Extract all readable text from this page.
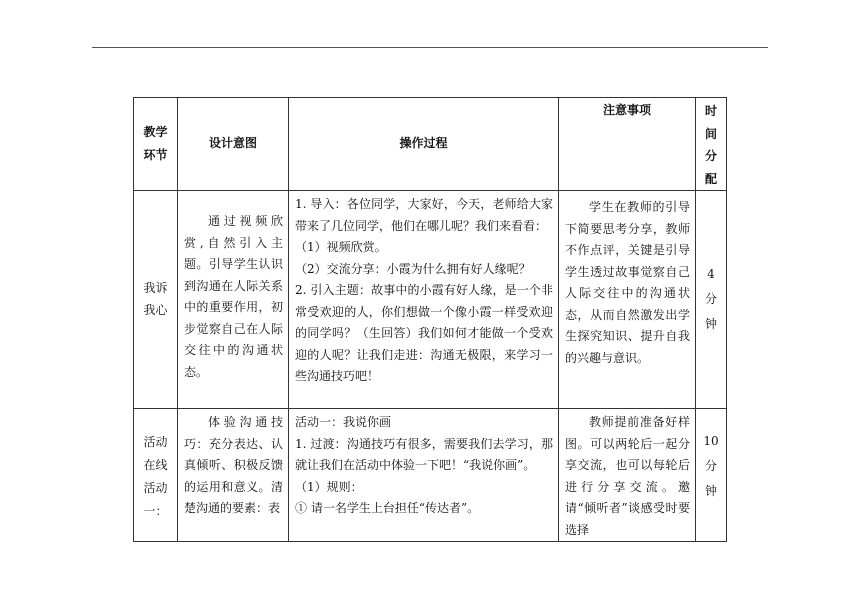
教学环节	设计意图	操作过程	注意事项	时间分配
我诉我心	通过视频欣赏,自然引入主题。引导学生认识到沟通在人际关系中的重要作用，初步觉察自己在人际交往中的沟通状态。	1. 导入：各位同学，大家好，今天，老师给大家带来了几位同学，他们在哪儿呢？我们来看看：

（1）视频欣赏。

（2）交流分享：小霞为什么拥有好人缘呢？

2. 引入主题：故事中的小霞有好人缘，是一个非常受欢迎的人，你们想做一个像小霞一样受欢迎的同学吗？（生回答）我们如何才能做一个受欢迎的人呢？让我们走进：沟通无极限，来学习一些沟通技巧吧！	学生在教师的引导下简要思考分享，教师不作点评，关键是引导学生透过故事觉察自己人际交往中的沟通状态，从而自然激发出学生探究知识、提升自我的兴趣与意识。	4分钟
活动在线活动一：	体验沟通技巧：充分表达、认真倾听、积极反馈的运用和意义。清楚沟通的要素：表	活动一：我说你画

1. 过渡：沟通技巧有很多，需要我们去学习，那就让我们在活动中体验一下吧！“我说你画”。

（1）规则：

① 请一名学生上台担任“传达者”。	教师提前准备好样图。可以两轮后一起分享交流，也可以每轮后进行分享交流。邀请“倾听者”谈感受时要选择	10分钟
